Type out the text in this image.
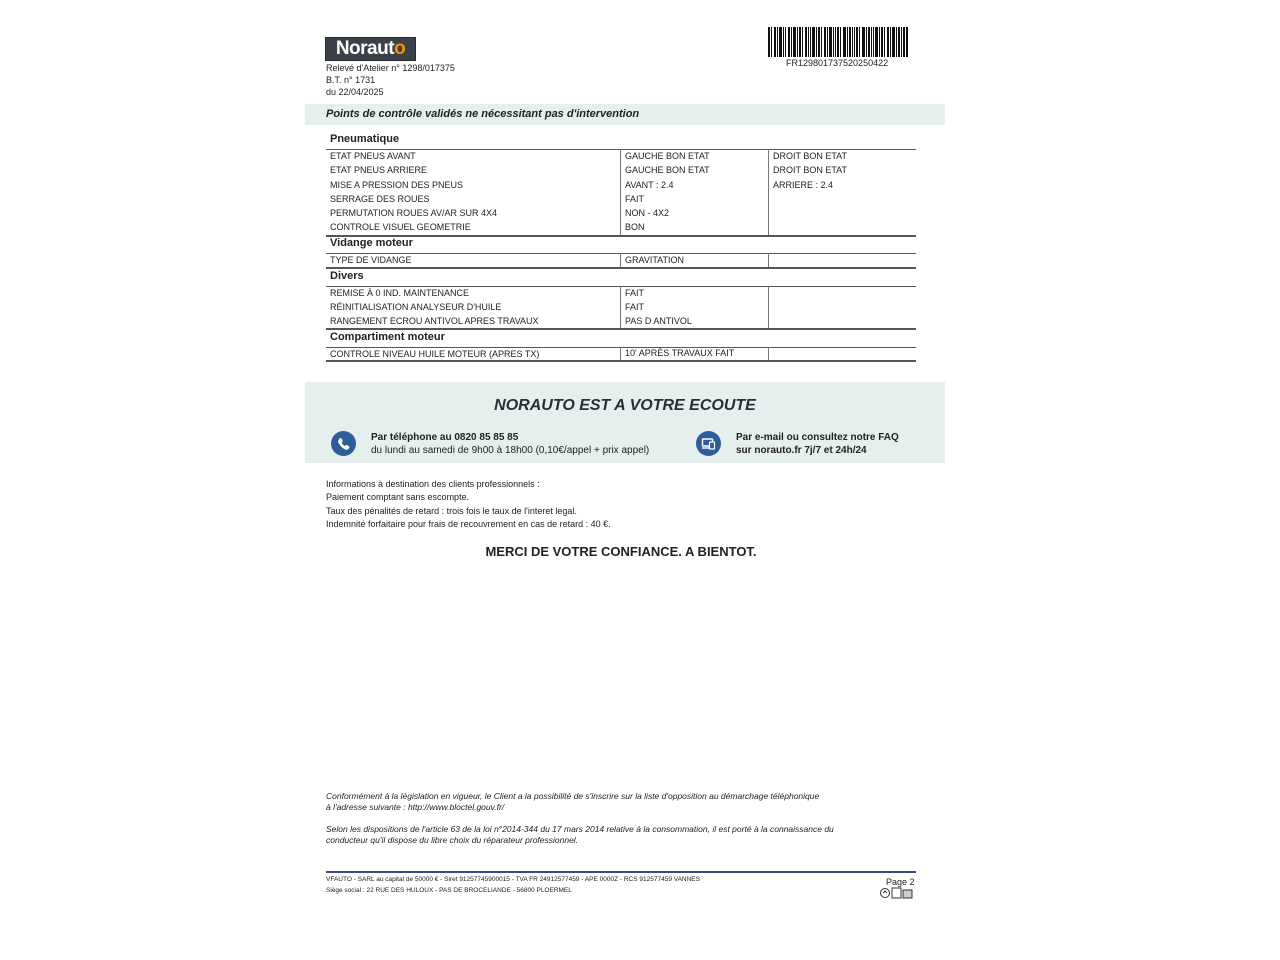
Norauto
Relevé d'Atelier n° 1298/017375
B.T. n° 1731
du 22/04/2025
FR129801737520250422
Points de contrôle validés ne nécessitant pas d'intervention
Pneumatique
ETAT PNEUS AVANT	GAUCHE BON ETAT	DROIT BON ETAT
ETAT PNEUS ARRIERE	GAUCHE BON ETAT	DROIT BON ETAT
MISE A PRESSION DES PNEUS	AVANT : 2.4	ARRIERE : 2.4
SERRAGE DES ROUES	FAIT
PERMUTATION ROUES AV/AR SUR 4X4	NON - 4X2
CONTROLE VISUEL GEOMETRIE	BON
Vidange moteur
TYPE DE VIDANGE	GRAVITATION
Divers
REMISE À 0 IND. MAINTENANCE	FAIT
RÉINITIALISATION ANALYSEUR D'HUILE	FAIT
RANGEMENT ECROU ANTIVOL APRES TRAVAUX	PAS D ANTIVOL
Compartiment moteur
CONTROLE NIVEAU HUILE MOTEUR (APRES TX)	10' APRÈS TRAVAUX FAIT
NORAUTO EST A VOTRE ECOUTE
Par téléphone au 0820 85 85 85
du lundi au samedi de 9h00 à 18h00 (0,10€/appel + prix appel)
Par e-mail ou consultez notre FAQ
sur norauto.fr 7j/7 et 24h/24
Informations à destination des clients professionnels :
Paiement comptant sans escompte.
Taux des pénalités de retard : trois fois le taux de l'interet legal.
Indemnité forfaitaire pour frais de recouvrement en cas de retard : 40 €.
MERCI DE VOTRE CONFIANCE. A BIENTOT.
Conformément à la législation en vigueur, le Client a la possibilité de s'inscrire sur la liste d'opposition au démarchage téléphonique
à l'adresse suivante : http://www.bloctel.gouv.fr/
Selon les dispositions de l'article 63 de la loi n°2014-344 du 17 mars 2014 relative à la consommation, il est porté à la connaissance du
conducteur qu'il dispose du libre choix du réparateur professionnel.
VFAUTO - SARL au capital de 50000 € - Siret 91257745900015 - TVA FR 24912577459 - APE 0000Z - RCS 912577459 VANNES
Siège social : 22 RUE DES HULOUX - PAS DE BROCELIANDE - 56800 PLOERMEL
Page 2
